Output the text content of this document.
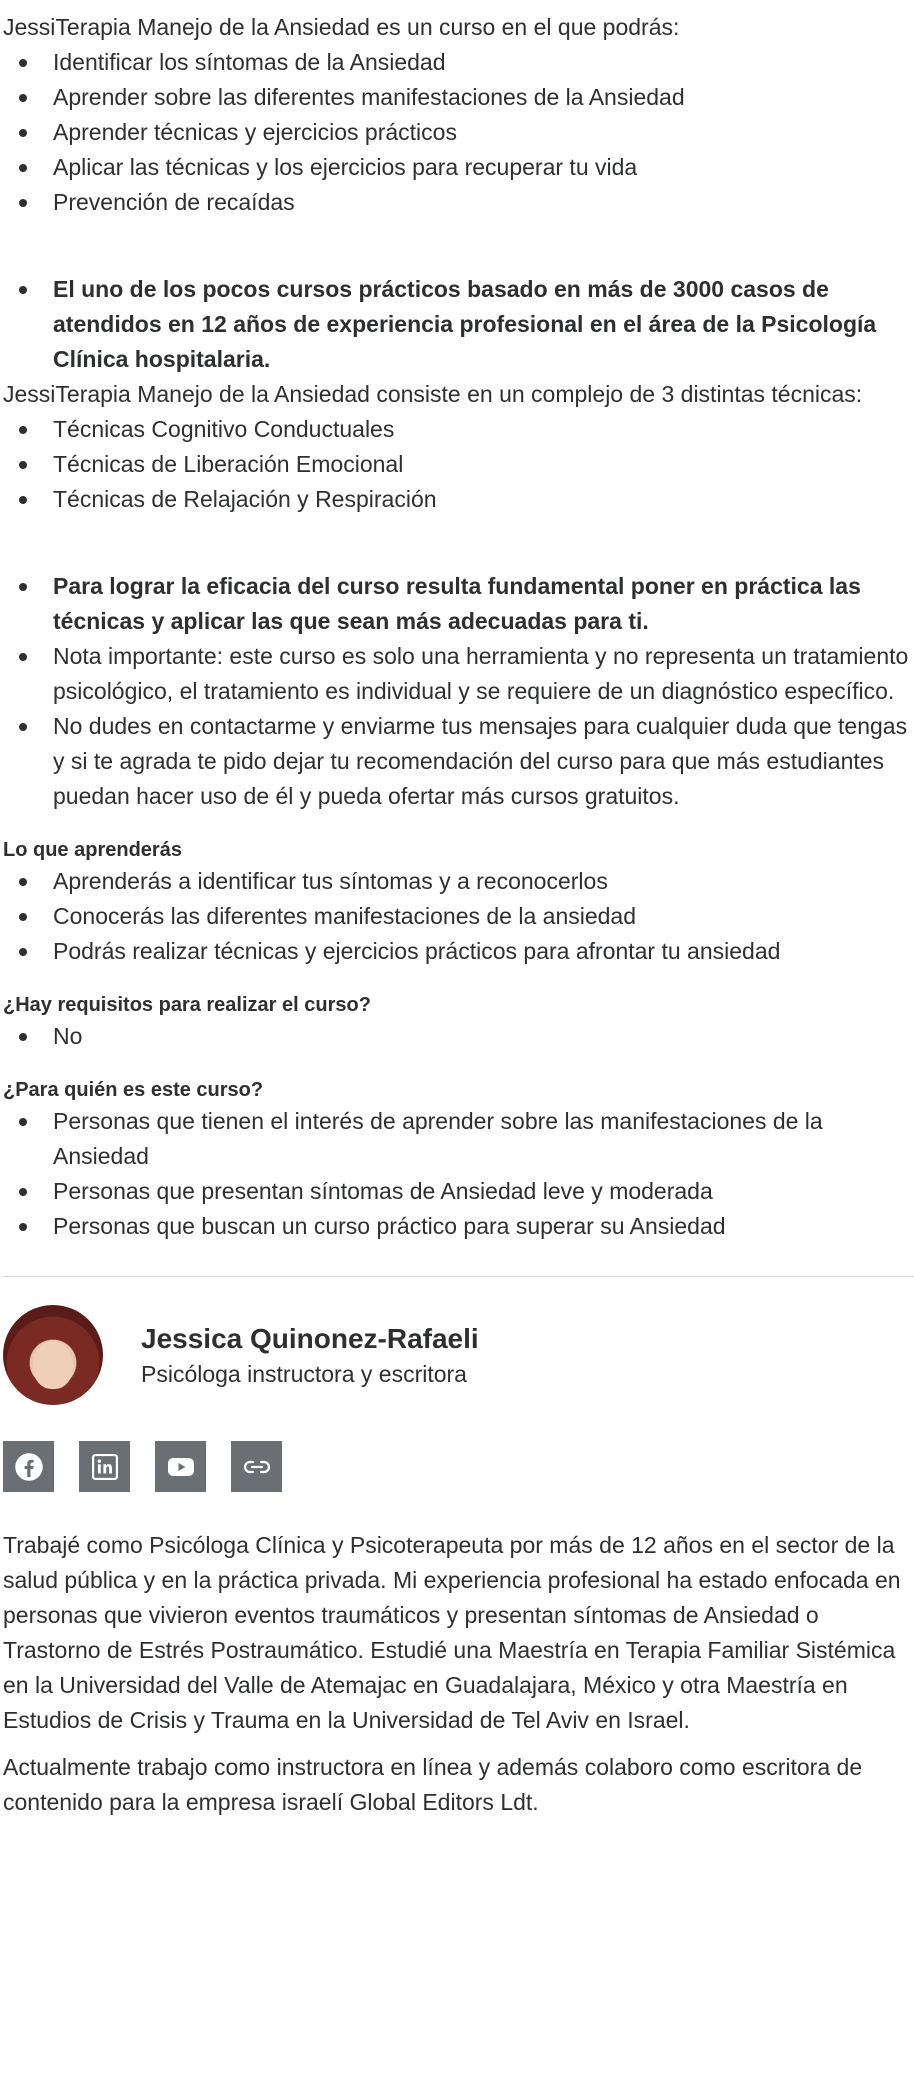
JessiTerapia Manejo de la Ansiedad es un curso en el que podrás:

Identificar los síntomas de la Ansiedad
Aprender sobre las diferentes manifestaciones de la Ansiedad
Aprender técnicas y ejercicios prácticos
Aplicar las técnicas y los ejercicios para recuperar tu vida
Prevención de recaídas
El uno de los pocos cursos prácticos basado en más de 3000 casos de atendidos en 12 años de experiencia profesional en el área de la Psicología Clínica hospitalaria.

JessiTerapia Manejo de la Ansiedad consiste en un complejo de 3 distintas técnicas:

Técnicas Cognitivo Conductuales
Técnicas de Liberación Emocional
Técnicas de Relajación y Respiración
Para lograr la eficacia del curso resulta fundamental poner en práctica las técnicas y aplicar las que sean más adecuadas para ti.
Nota importante: este curso es solo una herramienta y no representa un tratamiento psicológico, el tratamiento es individual y se requiere de un diagnóstico específico.
No dudes en contactarme y enviarme tus mensajes para cualquier duda que tengas y si te agrada te pido dejar tu recomendación del curso para que más estudiantes puedan hacer uso de él y pueda ofertar más cursos gratuitos.
Lo que aprenderás
Aprenderás a identificar tus síntomas y a reconocerlos
Conocerás las diferentes manifestaciones de la ansiedad
Podrás realizar técnicas y ejercicios prácticos para afrontar tu ansiedad
¿Hay requisitos para realizar el curso?
No
¿Para quién es este curso?
Personas que tienen el interés de aprender sobre las manifestaciones de la Ansiedad
Personas que presentan síntomas de Ansiedad leve y moderada
Personas que buscan un curso práctico para superar su Ansiedad
Jessica Quinonez-Rafaeli
Psicóloga instructora y escritora

Trabajé como Psicóloga Clínica y Psicoterapeuta por más de 12 años en el sector de la salud pública y en la práctica privada. Mi experiencia profesional ha estado enfocada en personas que vivieron eventos traumáticos y presentan síntomas de Ansiedad o Trastorno de Estrés Postraumático. Estudié una Maestría en Terapia Familiar Sistémica en la Universidad del Valle de Atemajac en Guadalajara, México y otra Maestría en Estudios de Crisis y Trauma en la Universidad de Tel Aviv en Israel.

Actualmente trabajo como instructora en línea y además colaboro como escritora de contenido para la empresa israelí Global Editors Ldt.
